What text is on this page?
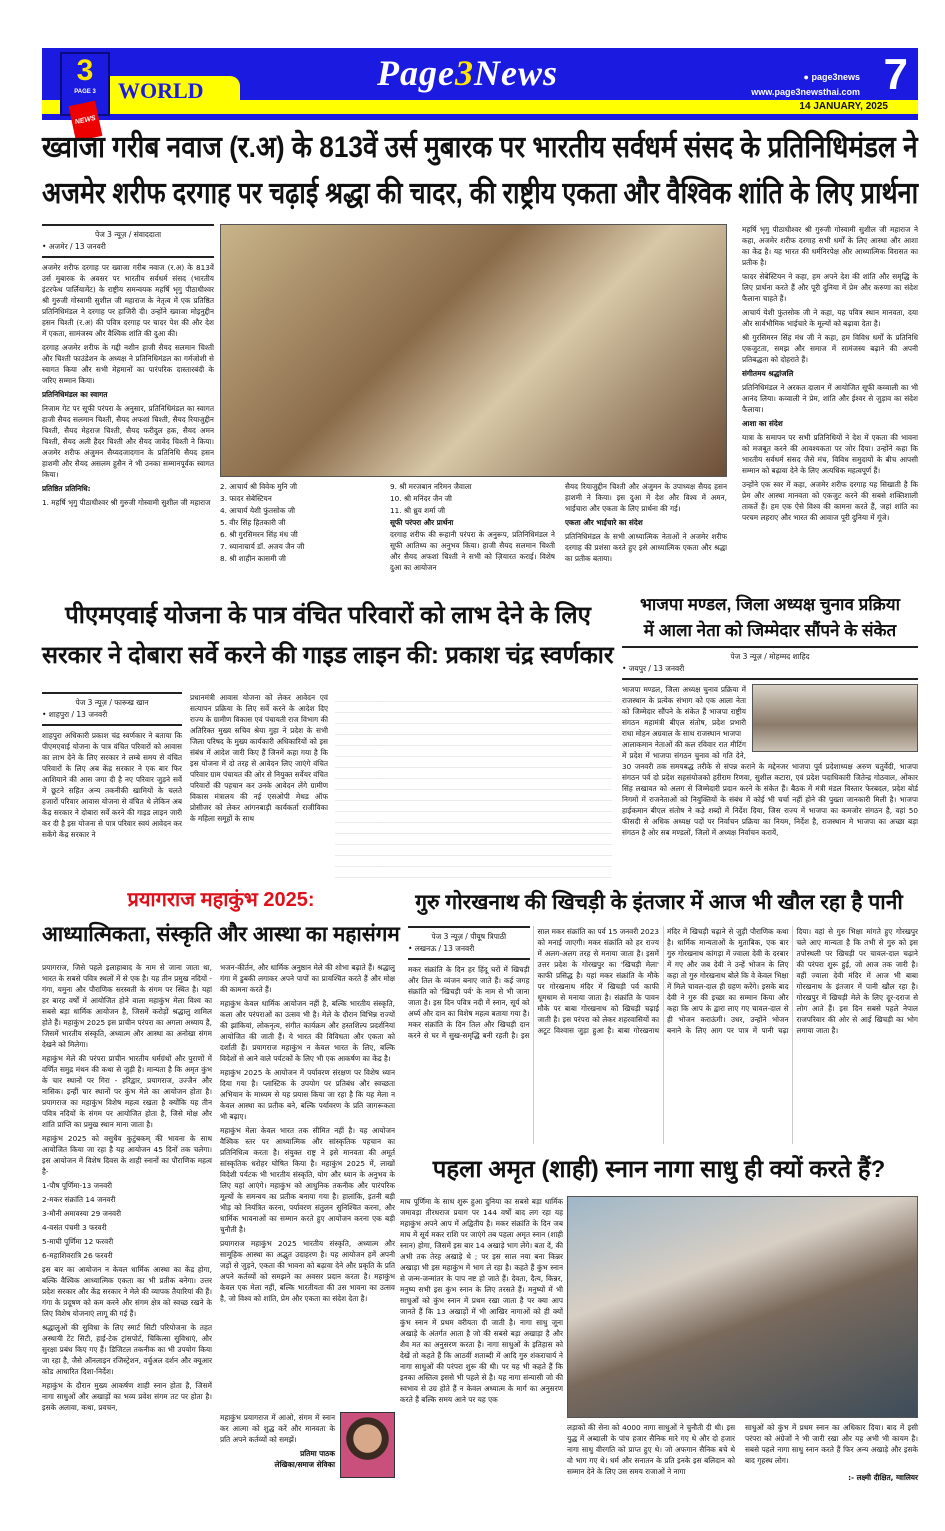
WORLD
3
PAGE 3
NEWS
Page3News	● page3news
www.page3newsthai.com 7
14 JANUARY, 2025
ख्वाजा गरीब नवाज (र.अ) के 813वें उर्स मुबारक पर भारतीय सर्वधर्म संसद के प्रतिनिधिमंडल ने
अजमेर शरीफ दरगाह पर चढ़ाई श्रद्धा की चादर, की राष्ट्रीय एकता और वैश्विक शांति के लिए प्रार्थना
पेज 3 न्यूज़ / संवाददाता
• अजमेर / 13 जनवरी

अजमेर शरीफ दरगाह पर ख्वाजा गरीब नवाज (र.अ) के 813वें उर्स मुबारक के अवसर पर भारतीय सर्वधर्म संसद (भारतीय इंटरफेथ पार्लियामेंट) के राष्ट्रीय समन्वयक महर्षि भृगु पीठाधीश्वर श्री गुरुजी गोस्वामी सुशील जी महाराज के नेतृत्व में एक प्रतिष्ठित प्रतिनिधिमंडल ने दरगाह पर हाजिरी दी। उन्होंने ख्वाजा मोइनुद्दीन हसन चिश्ती (र.अ) की पवित्र दरगाह पर चादर पेश की और देश में एकता, सामंजस्य और वैश्विक शांति की दुआ की।

दरगाह अजमेर शरीफ के गद्दी नशीन हाजी सैयद सलमान चिश्ती और चिश्ती फाउंडेशन के अध्यक्ष ने प्रतिनिधिमंडल का गर्मजोशी से स्वागत किया और सभी मेहमानों का पारंपरिक दास्तारबंदी के जरिए सम्मान किया।

प्रतिनिधिमंडल का स्वागत

निजाम गेट पर सूफी परंपरा के अनुसार, प्रतिनिधिमंडल का स्वागत हाजी सैयद सलमान चिश्ती, सैयद अफशां चिश्ती, सैयद रियाजुद्दीन चिश्ती, सैयद मेहराज चिश्ती, सैयद फरीदुल हक, सैयद अमन चिश्ती, सैयद अली हैदर चिश्ती और सैयद जावेद चिश्ती ने किया। अजमेर शरीफ अंजुमन सैय्यदजादगान के प्रतिनिधि सैयद हसन हाशमी और सैयद असलम हुसैन ने भी उनका सम्मानपूर्वक स्वागत किया।

प्रतिष्ठित प्रतिनिधि:

1. महर्षि भृगु पीठाधीश्वर श्री गुरुजी गोस्वामी सुशील जी महाराज

2. आचार्य श्री विवेक मुनि जी

3. फादर सेबेस्टियन

4. आचार्य येशी फुंतसोक जी

5. वीर सिंह हितकारी जी

6. श्री गुरसिमरन सिंह मंध जी

7. ध्यानाचार्य डॉ. अजय जैन जी

8. श्री शाहीन कासमी जी

9. श्री मरजबान नरिमन जैवाला

10. श्री मनिंदर जैन जी

11. श्री ध्रुव शर्मा जी

सूफी परंपरा और प्रार्थना

दरगाह शरीफ की रूहानी परंपरा के अनुरूप, प्रतिनिधिमंडल ने सूफी आतिथ्य का अनुभव किया। हाजी सैयद सलमान चिश्ती और सैयद अफशां चिश्ती ने सभी को ज़ियारत कराई। विशेष दुआ का आयोजन

सैयद रियाजुद्दीन चिश्ती और अंजुमन के उपाध्यक्ष सैयद हसन हाशमी ने किया। इस दुआ में देश और विश्व में अमन, भाईचारा और एकता के लिए प्रार्थना की गई।

एकता और भाईचारे का संदेश

प्रतिनिधिमंडल के सभी आध्यात्मिक नेताओं ने अजमेर शरीफ दरगाह की प्रशंसा करते हुए इसे आध्यात्मिक एकता और श्रद्धा का प्रतीक बताया।

महर्षि भृगु पीठाधीश्वर श्री गुरुजी गोस्वामी सुशील जी महाराज ने कहा, अजमेर शरीफ दरगाह सभी धर्मों के लिए आस्था और आशा का केंद्र है। यह भारत की धर्मनिरपेक्ष और आध्यात्मिक विरासत का प्रतीक है।

फादर सेबेस्टियन ने कहा, हम अपने देश की शांति और समृद्धि के लिए प्रार्थना करते हैं और पूरी दुनिया में प्रेम और करुणा का संदेश फैलाना चाहते हैं।

आचार्य येशी फुंतसोक जी ने कहा, यह पवित्र स्थान मानवता, दया और सार्वभौमिक भाईचारे के मूल्यों को बढ़ावा देता है।

श्री गुरसिमरन सिंह मंध जी ने कहा, हम विविध धर्मों के प्रतिनिधि एकजुटता, समझ और समाज में सामंजस्य बढ़ाने की अपनी प्रतिबद्धता को दोहराते हैं।

संगीतमय श्रद्धांजलि

प्रतिनिधिमंडल ने अरकत दालान में आयोजित सूफी कव्वाली का भी आनंद लिया। कव्वाली ने प्रेम, शांति और ईश्वर से जुड़ाव का संदेश फैलाया।

आशा का संदेश

यात्रा के समापन पर सभी प्रतिनिधियों ने देश में एकता की भावना को मजबूत करने की आवश्यकता पर जोर दिया। उन्होंने कहा कि भारतीय सर्वधर्म संसद जैसे मंच, विविध समुदायों के बीच आपसी सम्मान को बढ़ावा देने के लिए अत्यधिक महत्वपूर्ण हैं।

उन्होंने एक स्वर में कहा, अजमेर शरीफ दरगाह यह सिखाती है कि प्रेम और आस्था मानवता को एकजुट करने की सबसे शक्तिशाली ताकतें हैं। हम एक ऐसे विश्व की कामना करते हैं, जहां शांति का परचम लहराए और भारत की आवाज पूरी दुनिया में गूंजे।

पीएमएवाई योजना के पात्र वंचित परिवारों को लाभ देने के लिए
सरकार ने दोबारा सर्वे करने की गाइड लाइन की: प्रकाश चंद्र स्वर्णकार
पेज 3 न्यूज़ / फारूख खान
• शाहपुरा / 13 जनवरी

शाहपुरा अधिकारी प्रकाश चंद्र स्वर्णकार ने बताया कि पीएमएवाई योजना के पात्र वंचित परिवारों को आवास का लाभ देने के लिए सरकार ने लम्बे समय से वंचित परिवारों के लिए अब केंद्र सरकार ने एक बार फिर आशियाने की आस जगा दी है नए परिवार जुड़ने सर्वे में छूटने सहित अन्य तकनीकी खामियों के चलते हजारों परिवार आवास योजना से वंचित थे लेकिन अब केंद्र सरकार ने दोबारा सर्वे करने की गाइड लाइन जारी कर दी है इस योजना से पात्र परिवार स्वयं आवेदन कर सकेंगे केंद्र सरकार ने

प्रधानमंत्री आवास योजना को लेकर आवेदन एवं सत्यापन प्रक्रिया के लिए सर्वे करने के आदेश दिए राज्य के ग्रामीण विकास एवं पंचायती राज विभाग की अतिरिक्त मुख्य सचिव श्रेया गुहा ने प्रदेश के सभी जिला परिषद के मुख्य कार्यकारी अधिकारियों को इस संबंध में आदेश जारी किए हैं जिनमें कहा गया है कि इस योजना में दो तरह से आवेदन लिए जाएंगे वंचित परिवार ग्राम पंचायत की ओर से नियुक्त सर्वेयर वंचित परिवारों की पहचान कर उनके आवेदन लेंगे ग्रामीण विकास मंत्रालय की नई एसओपी मेथड ऑफ प्रोसीजर को लेकर आंगनबाड़ी कार्यकर्ता राजीविका के महिला समूहों के साथ

भाजपा मण्डल, जिला अध्यक्ष चुनाव प्रक्रिया
में आला नेता को जिम्मेदार सौंपने के संकेत
पेज 3 न्यूज़ / मोहम्मद शाहिद
• जयपुर / 13 जनवरी

भाजपा मण्डल, जिला अध्यक्ष चुनाव प्रक्रिया में राजस्थान के प्रत्येक संभाग को एक आला नेता को जिम्मेदार सौंपने के संकेत हैं भाजपा राष्ट्रीय संगठन महामंत्री बीएल संतोष, प्रदेश प्रभारी राधा मोहन अग्रवाल के साथ राजस्थान भाजपा

आलाकमान नेताओं की कल रविवार रात मीटिंग में प्रदेश में भाजपा संगठन चुनाव को गति देने, 30 जनवरी तक समयबद्ध तरीके से संपन्न कराने के मद्देनजर भाजपा पूर्व प्रदेशाध्यक्ष अरुण चतुर्वेदी, भाजपा संगठन पर्व दो प्रदेश सहसंयोजको हरीराम रिणवा, सुशील कटारा, एवं प्रदेश पदाधिकारी जितेन्द्र गोठवाल, ओंकार सिंह लखावत को अलग से जिम्मेदारी प्रदान करने के संकेत हैं। बैठक में मंत्री मंडल विस्तार फेरबदल, प्रदेश बोर्ड निगमों में राजनेताओं को नियुक्तियों के संबंध में कोई भी चर्चा नहीं होने की पुख्ता जानकारी मिली है। भाजपा हाईकमान बीएल संतोष ने कड़े शब्दों में निर्देश दिया, जिस राज्य में भाजपा का कमजोर संगठन है, वहां 50 फीसदी से अधिक अध्यक्ष पदों पर निर्वाचन प्रक्रिया का नियम, निर्देश है, राजस्थान मे भाजपा का अच्छा बड़ा संगठन है ओर सब मण्डलों, जिलों में अध्यक्ष निर्वाचन करायें,

प्रयागराज महाकुंभ 2025:
आध्यात्मिकता, संस्कृति और आस्था का महासंगम

प्रयागराज, जिसे पहले इलाहाबाद के नाम से जाना जाता था, भारत के सबसे पवित्र स्थलों में से एक है। यह तीन प्रमुख नदियों - गंगा, यमुना और पौराणिक सरस्वती के संगम पर स्थित है। यहां हर बारह वर्षों में आयोजित होने वाला महाकुंभ मेला विश्व का सबसे बड़ा धार्मिक आयोजन है, जिसमें करोड़ों श्रद्धालु शामिल होते हैं। महाकुंभ 2025 इस प्राचीन परंपरा का अगला अध्याय है, जिसमें भारतीय संस्कृति, अध्यात्म और आस्था का अनोखा संगम देखने को मिलेगा।

महाकुंभ मेले की परंपरा प्राचीन भारतीय धर्मग्रंथों और पुराणों में वर्णित समुद्र मंथन की कथा से जुड़ी है। मान्यता है कि अमृत कुंभ के चार स्थानों पर गिरा - हरिद्वार, प्रयागराज, उज्जैन और नासिक। इन्हीं चार स्थानों पर कुंभ मेले का आयोजन होता है। प्रयागराज का महाकुंभ विशेष महत्व रखता है क्योंकि यह तीन पवित्र नदियों के संगम पर आयोजित होता है, जिसे मोक्ष और शांति प्राप्ति का प्रमुख स्थान माना जाता है।

महाकुंभ 2025 को वसुधैव कुटुंबकम् की भावना के साथ आयोजित किया जा रहा है यह आयोजन 45 दिनों तक चलेगा। इस आयोजन में विशेष दिवस के शाही स्नानों का पौराणिक महत्व है-

1-पौष पूर्णिमा-13 जनवरी

2-मकर संक्रांति 14 जनवरी

3-मौनी अमावस्या 29 जनवरी

4-वसंत पंचमी 3 फरवरी

5-माघी पूर्णिमा 12 फरवरी

6-महाशिवरात्रि 26 फरवरी

इस बार का आयोजन न केवल धार्मिक आस्था का केंद्र होगा, बल्कि वैश्विक आध्यात्मिक एकता का भी प्रतीक बनेगा। उत्तर प्रदेश सरकार और केंद्र सरकार ने मेले की व्यापक तैयारियां की हैं। गंगा के प्रदूषण को कम करने और संगम क्षेत्र को स्वच्छ रखने के लिए विशेष योजनाएं लागू की गई हैं।

श्रद्धालुओं की सुविधा के लिए स्मार्ट सिटी परियोजना के तहत अस्थायी टेंट सिटी, हाई-टेक ट्रांसपोर्ट, चिकित्सा सुविधाएं, और सुरक्षा प्रबंध किए गए हैं। डिजिटल तकनीक का भी उपयोग किया जा रहा है, जैसे ऑनलाइन रजिस्ट्रेशन, वर्चुअल दर्शन और क्यूआर कोड आधारित दिशा-निर्देश।

महाकुंभ के दौरान मुख्य आकर्षण शाही स्नान होता है, जिसमें नागा साधुओं और अखाड़ों का भव्य प्रवेश संगम तट पर होता है। इसके अलावा, कथा, प्रवचन,

भजन-कीर्तन, और धार्मिक अनुष्ठान मेले की शोभा बढ़ाते हैं। श्रद्धालु गंगा में डुबकी लगाकर अपने पापों का प्रायश्चित करते हैं और मोक्ष की कामना करते हैं।

महाकुंभ केवल धार्मिक आयोजन नहीं है, बल्कि भारतीय संस्कृति, कला और परंपराओं का उत्सव भी है। मेले के दौरान विभिन्न राज्यों की झांकियां, लोकनृत्य, संगीत कार्यक्रम और हस्तशिल्प प्रदर्शनियां आयोजित की जाती हैं। ये भारत की विविधता और एकता को दर्शाती हैं। प्रयागराज महाकुंभ न केवल भारत के लिए, बल्कि विदेशों से आने वाले पर्यटकों के लिए भी एक आकर्षण का केंद्र है।

महाकुंभ 2025 के आयोजन में पर्यावरण संरक्षण पर विशेष ध्यान दिया गया है। प्लास्टिक के उपयोग पर प्रतिबंध और स्वच्छता अभियान के माध्यम से यह प्रयास किया जा रहा है कि यह मेला न केवल आस्था का प्रतीक बने, बल्कि पर्यावरण के प्रति जागरूकता भी बढ़ाए।

महाकुंभ मेला केवल भारत तक सीमित नहीं है। यह आयोजन वैश्विक स्तर पर आध्यात्मिक और सांस्कृतिक पहचान का प्रतिनिधित्व करता है। संयुक्त राष्ट्र ने इसे मानवता की अमूर्त सांस्कृतिक धरोहर घोषित किया है। महाकुंभ 2025 में, लाखों विदेशी पर्यटक भी भारतीय संस्कृति, योग और ध्यान के अनुभव के लिए यहां आएंगे। महाकुंभ को आधुनिक तकनीक और पारंपरिक मूल्यों के समन्वय का प्रतीक बनाया गया है। हालांकि, इतनी बड़ी भीड़ को नियंत्रित करना, पर्यावरण संतुलन सुनिश्चित करना, और धार्मिक भावनाओं का सम्मान करते हुए आयोजन करना एक बड़ी चुनौती है।

प्रयागराज महाकुंभ 2025 भारतीय संस्कृति, अध्यात्म और सामूहिक आस्था का अद्भुत उदाहरण है। यह आयोजन हमें अपनी जड़ों से जुड़ने, एकता की भावना को बढ़ावा देने और प्रकृति के प्रति अपने कर्तव्यों को समझने का अवसर प्रदान करता है। महाकुंभ केवल एक मेला नहीं, बल्कि भारतीयता की उस भावना का उत्सव है, जो विश्व को शांति, प्रेम और एकता का संदेश देता है।

महाकुंभ प्रयागराज में आओ, संगम में स्नान कर आत्मा को शुद्ध करें और मानवता के प्रति अपने कर्तव्यों को समझें।

प्रतिमा पाठक

लेखिका/समाज सेविका

गुरु गोरखनाथ की खिचड़ी के इंतजार में आज भी खौल रहा है पानी
पेज 3 न्यूज़ / पीयूष त्रिपाठी
• लखनऊ / 13 जनवरी

मकर संक्रांति के दिन हर हिंदू घरों में खिचड़ी और तिल के व्यंजन बनाए जाते हैं। कई जगह संक्रांति को 'खिचड़ी पर्व' के नाम से भी जाना जाता है। इस दिन पवित्र नदी में स्नान, सूर्य को अर्घ्य और दान का विशेष महत्व बताया गया है। मकर संक्रांति के दिन तिल और खिचड़ी दान करने से घर में सुख-समृद्धि बनी रहती है। इस साल मकर संक्रांति का पर्व 15 जनवरी 2023 को मनाई जाएगी। मकर संक्रांति को हर राज्य में अलग-अलग तरह से मनाया जाता है। इसमें उत्तर प्रदेश के गोरखपुर का 'खिचड़ी मेला' काफी प्रसिद्ध है। यहां मकर संक्रांति के मौके पर गोरखनाथ मंदिर में खिचड़ी पर्व काफी धूमधाम से मनाया जाता है। संक्रांति के पावन मौके पर बाबा गोरखनाथ को खिचड़ी चढ़ाई जाती है। इस परंपरा को लेकर शहरवासियों का अटूट विश्वास जुड़ा हुआ है। बाबा गोरखनाथ मंदिर में खिचड़ी चढ़ाने से जुड़ी पौराणिक कथा है। धार्मिक मान्यताओं के मुताबिक, एक बार गुरु गोरखनाथ कांगड़ा में ज्वाला देवी के दरबार में गए और जब देवी ने उन्हें भोजन के लिए कहा तो गुरु गोरखनाथ बोले कि वे केवल भिक्षा में मिले चावल-दाल ही ग्रहण करेंगे। इसके बाद देवी ने गुरु की इच्छा का सम्मान किया और कहा कि आप के द्वारा लाए गए चावल-दाल से ही भोजन कराऊंगी। उधर, उन्होंने भोजन बनाने के लिए आग पर पात्र में पानी चढ़ा दिया। वहां से गुरु भिक्षा मांगते हुए गोरखपुर चले आए मान्यता है कि तभी से गुरु को इस तपोस्थली पर खिचड़ी पर चावल-दाल चढ़ाने की परंपरा शुरू हुई, जो आज तक जारी है। वहीं ज्वाला देवी मंदिर में आज भी बाबा गोरखनाथ के इंतजार में पानी खौल रहा है। गोरखपुर में खिचड़ी मेले के लिए दूर-दराज से लोग आते हैं। इस दिन सबसे पहले नेपाल राजपरिवार की ओर से आई खिचड़ी का भोग लगाया जाता है।

पहला अमृत (शाही) स्नान नागा साधु ही क्यों करते हैं?

माघ पूर्णिमा के साथ शुरू हुआ दुनिया का सबसे बड़ा धार्मिक जमावड़ा तीरथराज प्रयाग पर 144 वर्षों बाद लग रहा यह महाकुंभ अपने आप में अद्वितीय है। मकर संक्रांति के दिन जब माघ में सूर्य मकर राशि पर जाएंगे तब पहला अमृत स्नान (शाही स्नान) होगा, जिसमें इस बार 14 अखाड़े भाग लेंगे। बता दें, की अभी तक तेरह अखाड़े थे ; पर इस साल नया बना किन्नर अखाड़ा भी इस महाकुंभ में भाग ले रहा है। कहते हैं कुंभ स्नान से जन्म-जन्मांतर के पाप नष्ट हो जाते हैं। देवता, दैत्य, किन्नर, मनुष्य सभी इस कुंभ स्नान के लिए तरसते हैं। मनुष्यों में भी साधुओं को कुंभ स्नान में प्रथम रखा जाता है पर क्या आप जानते हैं कि 13 अखाड़ों में भी आखिर नागाओं को ही क्यों कुंभ स्नान में प्रथम वरीयता दी जाती है। नागा साधु जूना अखाड़े के अंतर्गत आता है जो की सबसे बड़ा अखाड़ा है और शैव मत का अनुसरण करता है। नागा साधुओं के इतिहास को देखें तो कहते हैं कि आठवीं शताब्दी में आदि गुरु शंकराचार्य ने नागा साधुओं की परंपरा शुरू की थी। पर यह भी कहते हैं कि इनका अस्तित्व इससे भी पहले से है। यह नागा संन्यासी जो की स्वभाव से उग्र होते हैं न केवल अध्यात्म के मार्ग का अनुसरण करते हैं बल्कि समय आने पर यह एक

लड़ाकों की सेना को 4000 नागा साधुओं ने चुनौती दी थी। इस युद्ध में अब्दाली के पांच हजार सैनिक मारे गए थे और दो हजार नागा साधु वीरगति को प्राप्त हुए थे। जो अफगान सैनिक बचे थे वो भाग गए थे। धर्म और सनातन के प्रति इनके इस बलिदान को सम्मान देने के लिए उस समय राजाओं ने नागा

साधुओं को कुंभ में प्रथम स्नान का अधिकार दिया। बाद में इसी परंपरा को अंग्रेजों ने भी जारी रखा और यह अभी भी कायम है। सबसे पहले नागा साधु स्नान करते हैं फिर अन्य अखाड़े और इसके बाद गृहस्थ लोग।

:- लक्ष्मी दीक्षित, ग्वालियर
